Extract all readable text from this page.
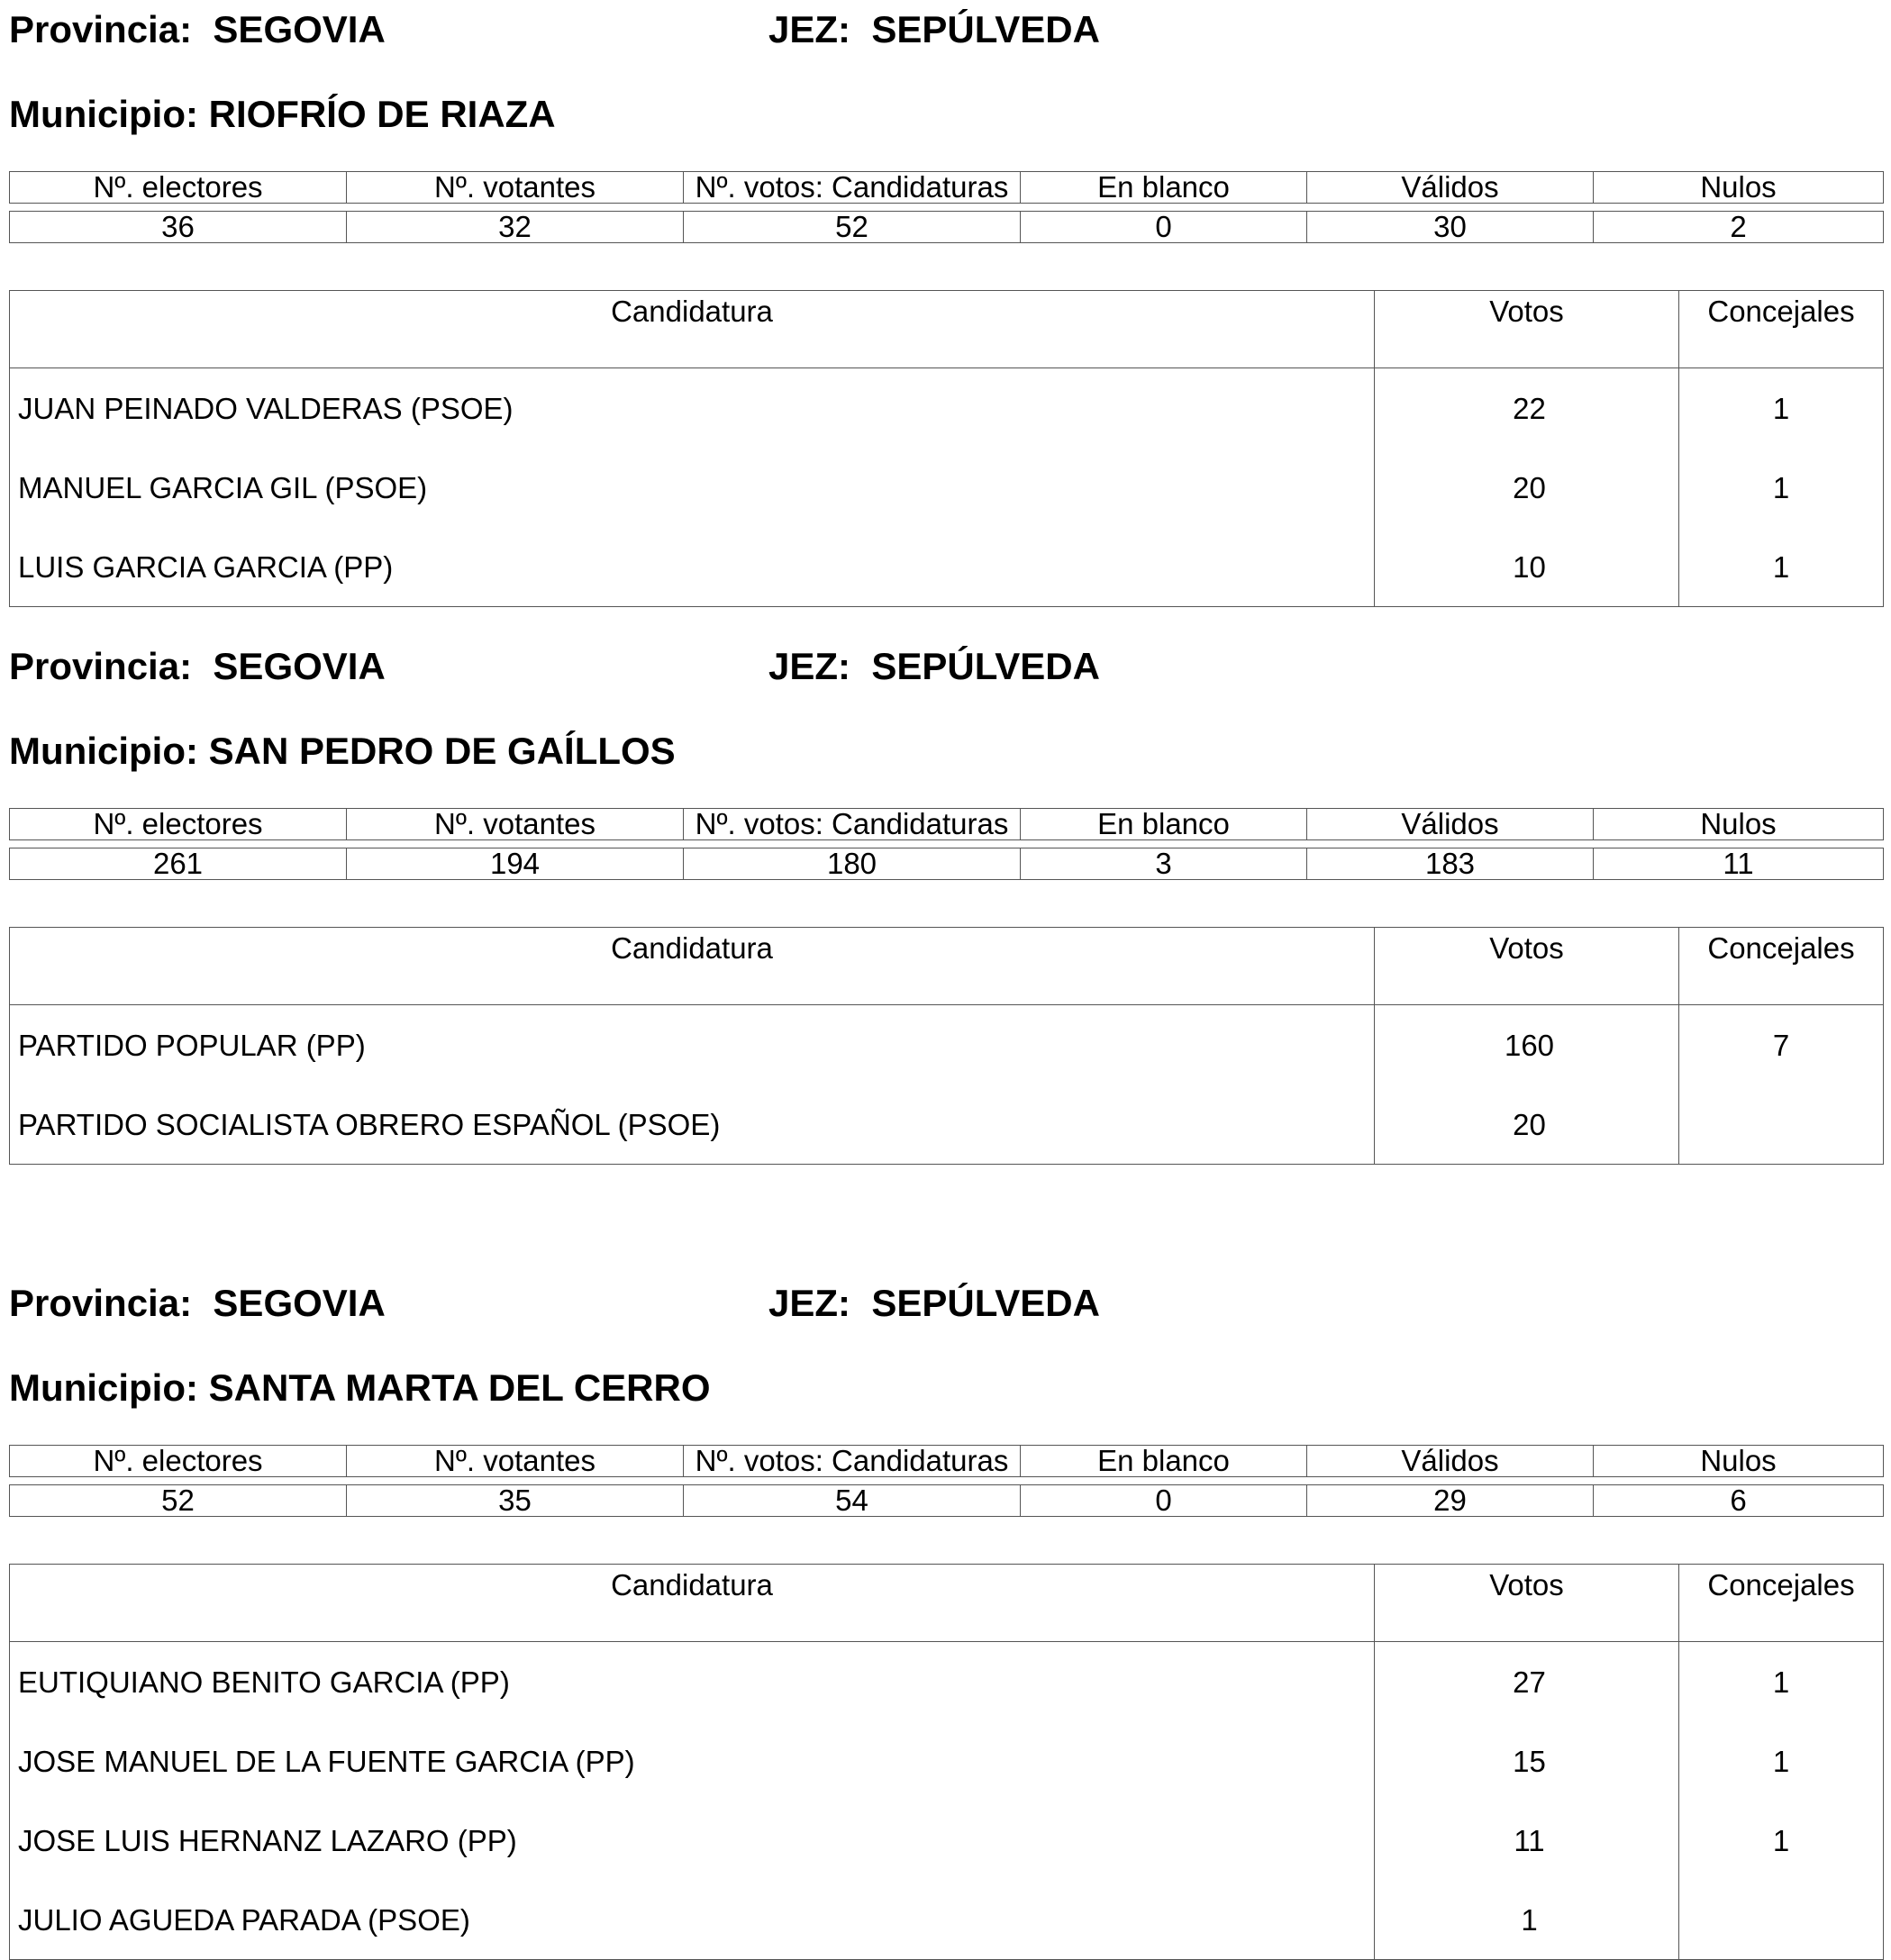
Provincia: SEGOVIA	JEZ: SEPÚLVEDA
Municipio: RIOFRÍO DE RIAZA
Nº. electores	Nº. votantes	Nº. votos: Candidaturas	En blanco	Válidos	Nulos

36	32	52	0	30	2
Candidatura	Votos	Concejales
JUAN PEINADO VALDERAS (PSOE)	22	1
MANUEL GARCIA GIL (PSOE)	20	1
LUIS GARCIA GARCIA (PP)	10	1
Provincia: SEGOVIA	JEZ: SEPÚLVEDA
Municipio: SAN PEDRO DE GAÍLLOS
Nº. electores	Nº. votantes	Nº. votos: Candidaturas	En blanco	Válidos	Nulos

261	194	180	3	183	11
Candidatura	Votos	Concejales
PARTIDO POPULAR (PP)	160	7
PARTIDO SOCIALISTA OBRERO ESPAÑOL (PSOE)	20	
Provincia: SEGOVIA	JEZ: SEPÚLVEDA
Municipio: SANTA MARTA DEL CERRO
Nº. electores	Nº. votantes	Nº. votos: Candidaturas	En blanco	Válidos	Nulos

52	35	54	0	29	6
Candidatura	Votos	Concejales
EUTIQUIANO BENITO GARCIA (PP)	27	1
JOSE MANUEL DE LA FUENTE GARCIA (PP)	15	1
JOSE LUIS HERNANZ LAZARO (PP)	11	1
JULIO AGUEDA PARADA (PSOE)	1	
